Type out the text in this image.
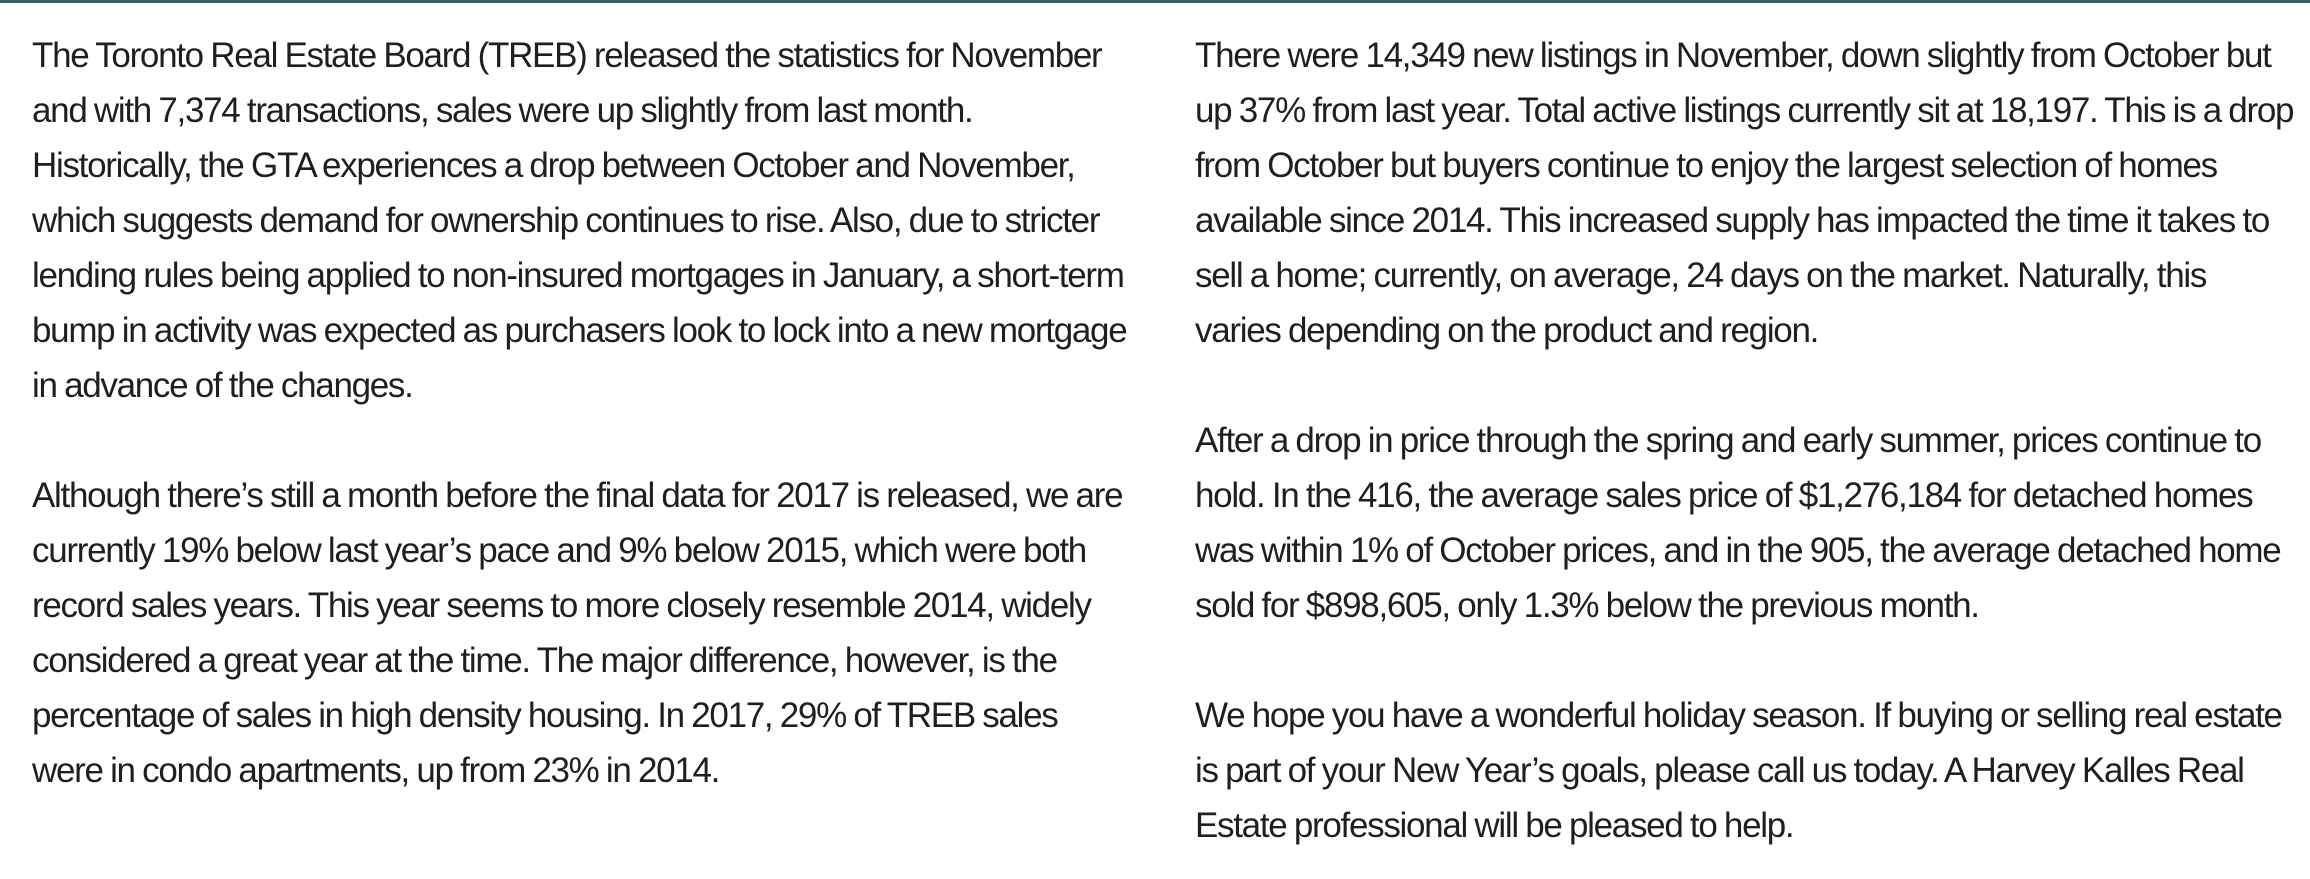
The Toronto Real Estate Board (TREB) released the statistics for November and with 7,374 transactions, sales were up slightly from last month. Historically, the GTA experiences a drop between October and November, which suggests demand for ownership continues to rise. Also, due to stricter lending rules being applied to non-insured mortgages in January, a short-term bump in activity was expected as purchasers look to lock into a new mortgage in advance of the changes.

Although there’s still a month before the final data for 2017 is released, we are currently 19% below last year’s pace and 9% below 2015, which were both record sales years. This year seems to more closely resemble 2014, widely considered a great year at the time. The major difference, however, is the percentage of sales in high density housing. In 2017, 29% of TREB sales were in condo apartments, up from 23% in 2014.

There were 14,349 new listings in November, down slightly from October but up 37% from last year. Total active listings currently sit at 18,197. This is a drop from October but buyers continue to enjoy the largest selection of homes available since 2014. This increased supply has impacted the time it takes to sell a home; currently, on average, 24 days on the market. Naturally, this varies depending on the product and region.

After a drop in price through the spring and early summer, prices continue to hold. In the 416, the average sales price of $1,276,184 for detached homes was within 1% of October prices, and in the 905, the average detached home sold for $898,605, only 1.3% below the previous month.

We hope you have a wonderful holiday season. If buying or selling real estate is part of your New Year’s goals, please call us today. A Harvey Kalles Real Estate professional will be pleased to help.
